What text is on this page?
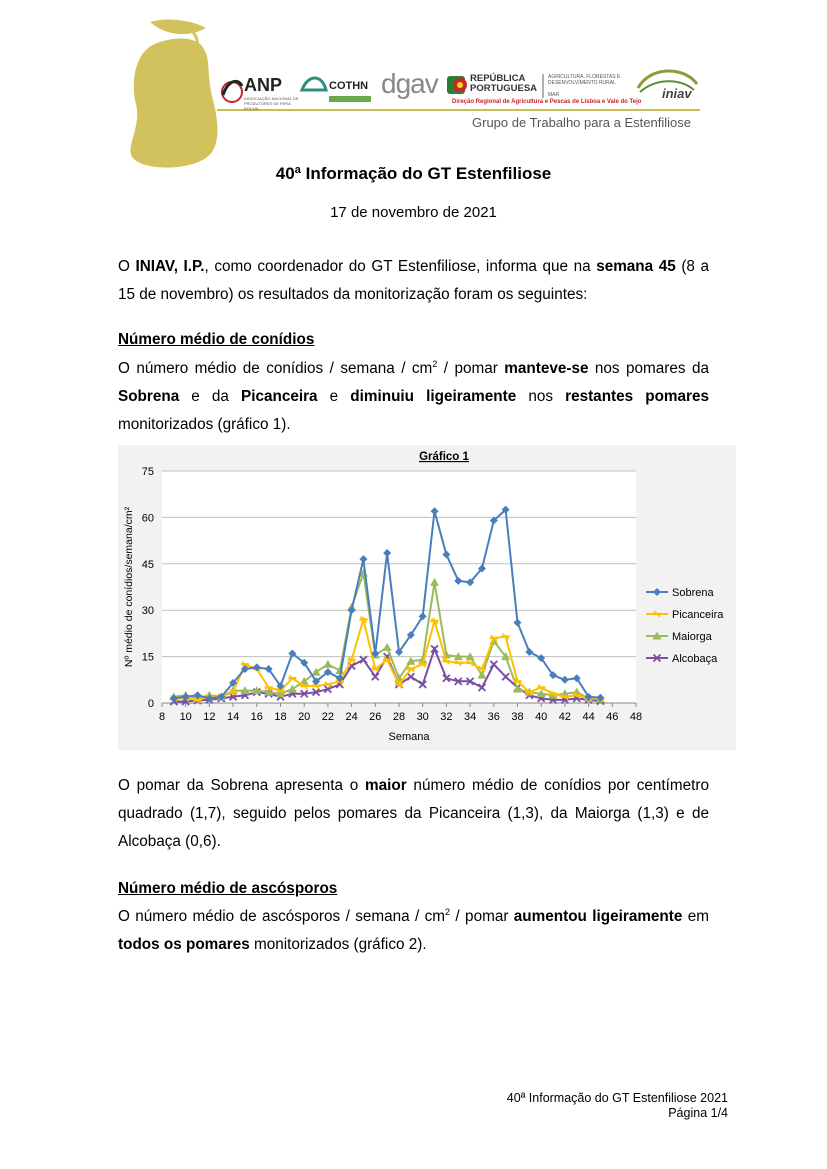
ANP
ASSOCIAÇÃO NACIONAL DE PRODUTORES DE PERA ROCHA
COTHN dgav	REPÚBLICA
PORTUGUESA
AGRICULTURA, FLORESTAS E DESENVOLVIMENTO RURAL
MAR
Direção Regional de Agricultura e Pescas de Lisboa e Vale do Tejo
iniav
Grupo de Trabalho para a Estenfiliose
40ª Informação do GT Estenfiliose
17 de novembro de 2021
O INIAV, I.P., como coordenador do GT Estenfiliose, informa que na semana 45 (8 a 15 de novembro) os resultados da monitorização foram os seguintes:
Número médio de conídios
O número médio de conídios / semana / $cm^2$ / pomar manteve-se nos pomares da Sobrena e da Picanceira e diminuiu ligeiramente nos restantes pomares monitorizados (gráfico 1).
0
15
30
45
60
75
8 10 12 14 16 18 20 22 24 26 28 30 32 34 36 38 40 42 44 46 48
Gráfico 1
Semana
Nº médio de conídios/semana/cm²	Sobrena
Picanceira
Maiorga
Alcobaça
O pomar da Sobrena apresenta o maior número médio de conídios por centímetro quadrado (1,7), seguido pelos pomares da Picanceira (1,3), da Maiorga (1,3) e de Alcobaça (0,6).
Número médio de ascósporos
O número médio de ascósporos / semana / $cm^2$ / pomar aumentou ligeiramente em todos os pomares monitorizados (gráfico 2).
40ª Informação do GT Estenfiliose 2021
Página 1/4
